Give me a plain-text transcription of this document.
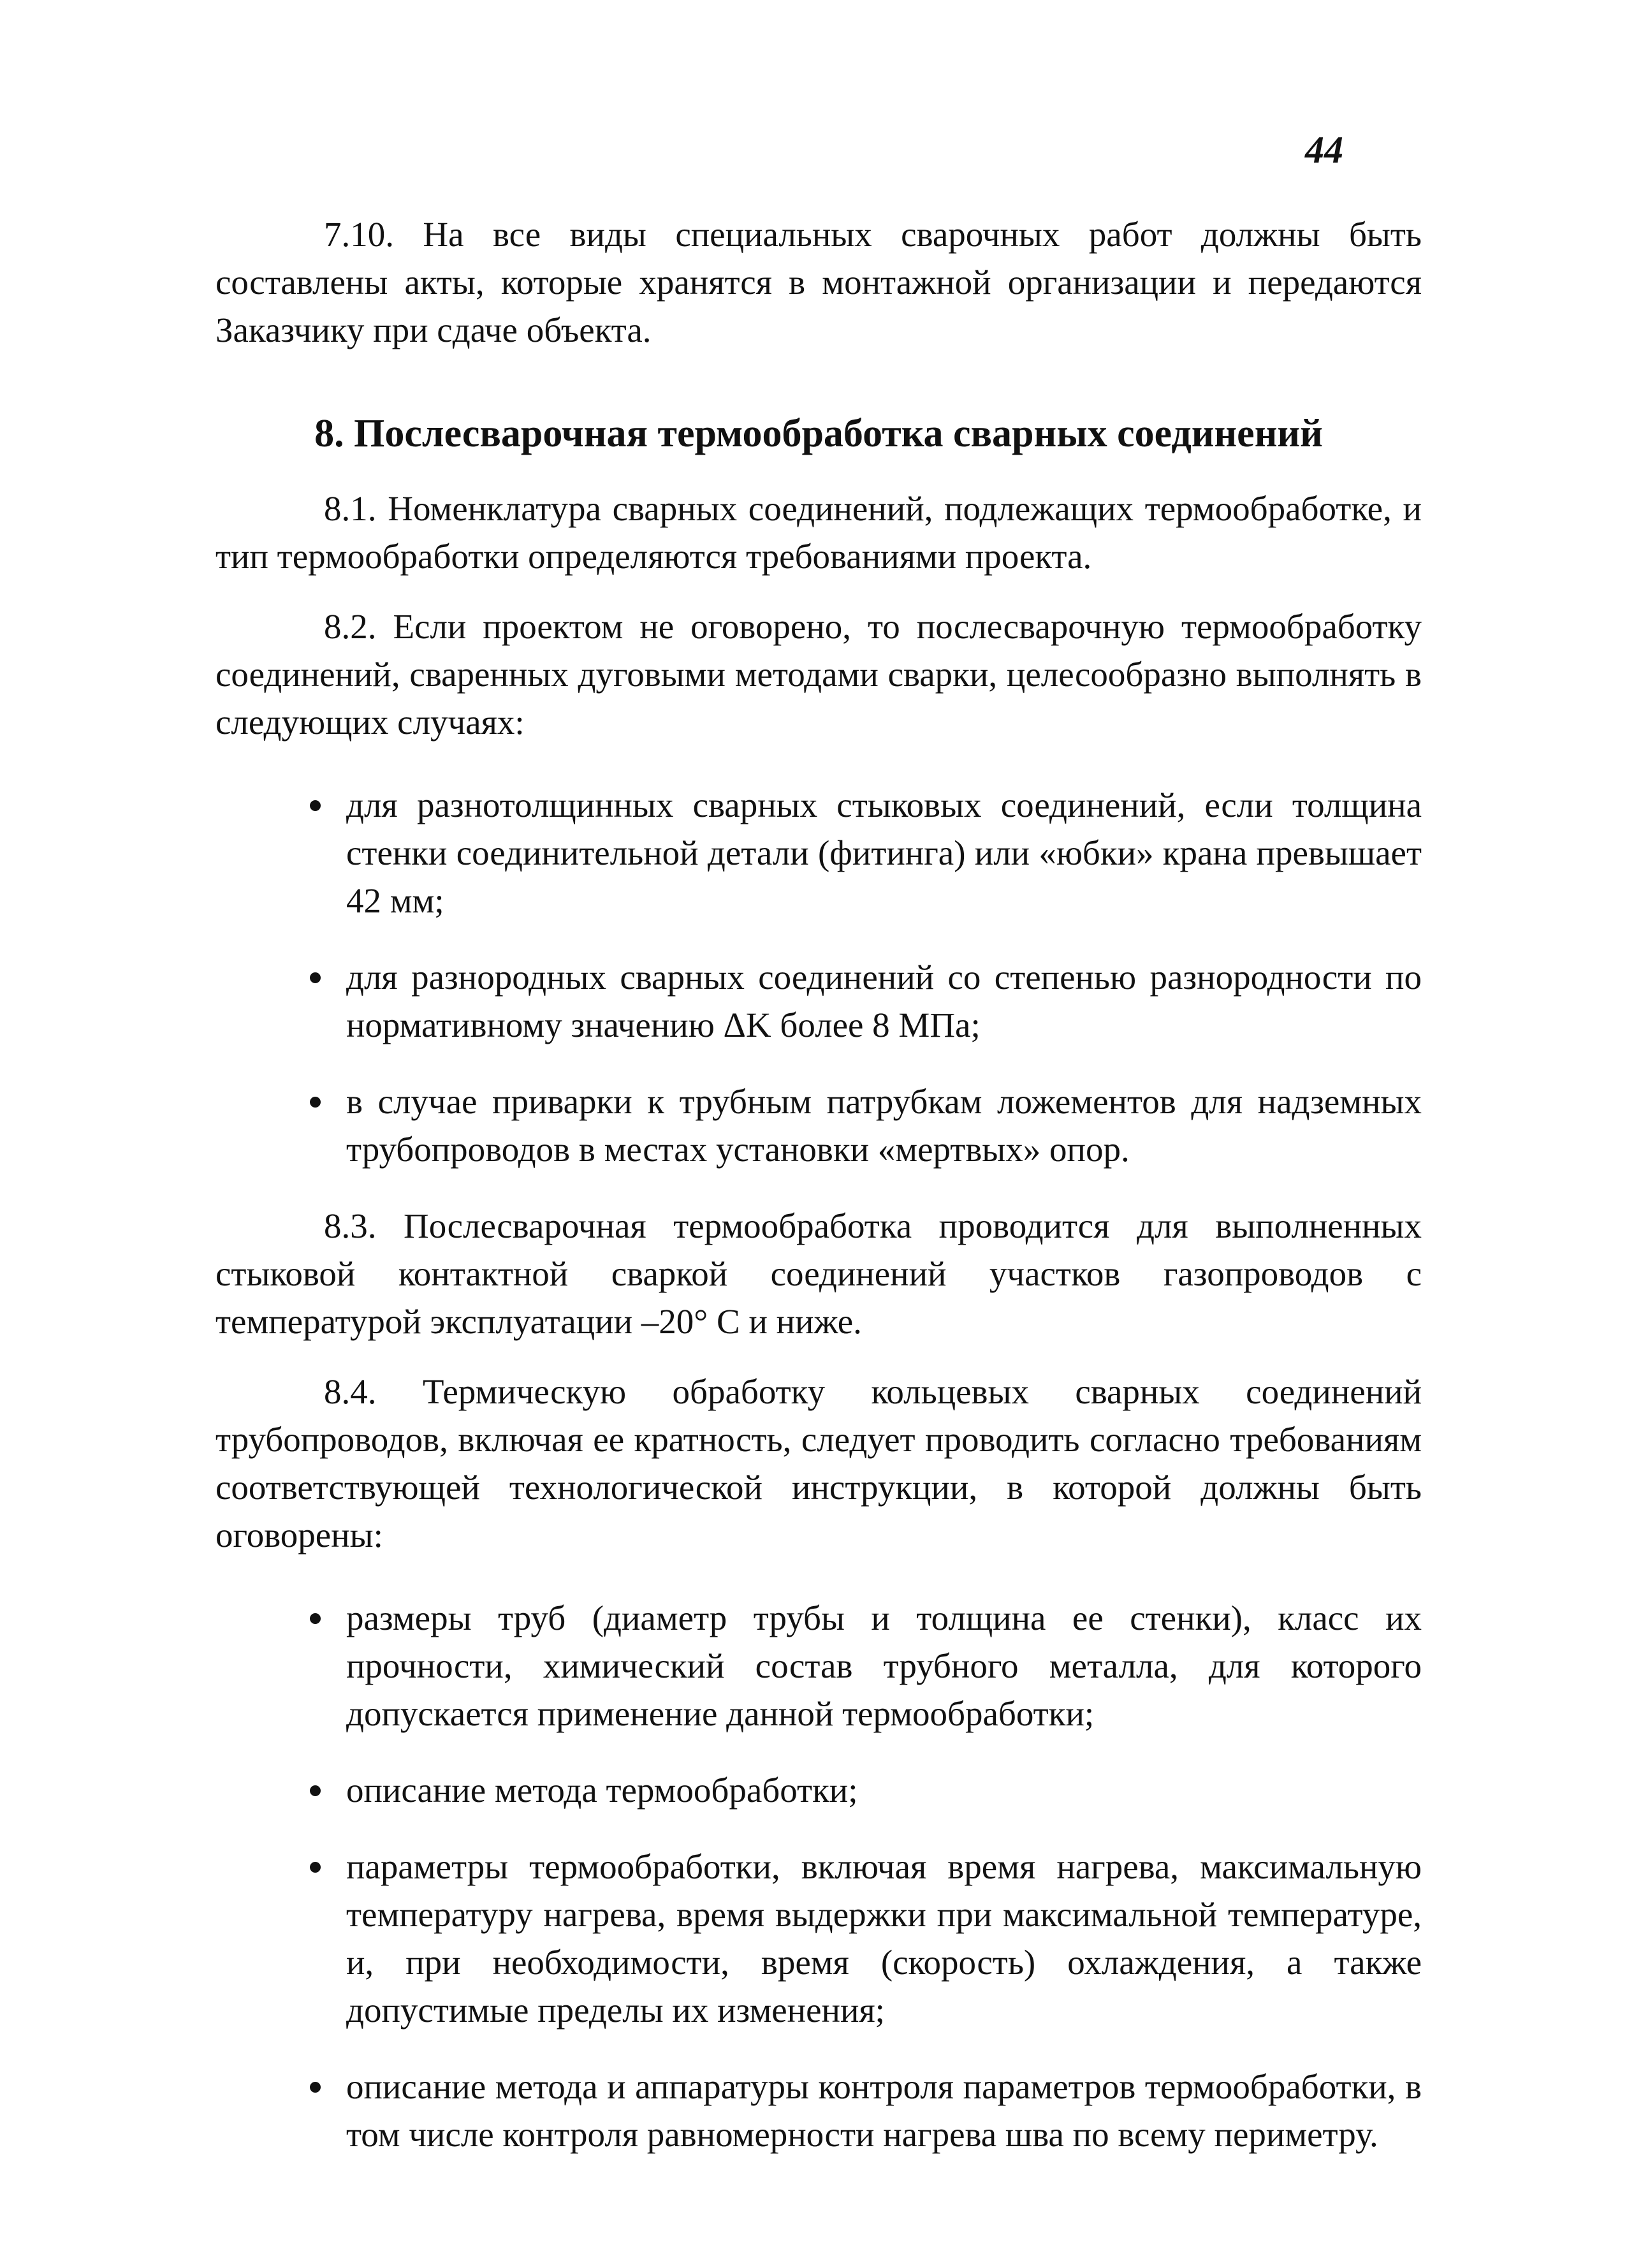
44

7.10. На все виды специальных сварочных работ должны быть составлены акты, которые хранятся в монтажной организации и передаются Заказчику при сдаче объекта.

8. Послесварочная термообработка сварных соединений

8.1. Номенклатура сварных соединений, подлежащих термообработке, и тип термообработки определяются требованиями проекта.

8.2. Если проектом не оговорено, то послесварочную термообработку соединений, сваренных дуговыми методами сварки, целесообразно выполнять в следующих случаях:

для разнотолщинных сварных стыковых соединений, если толщина стенки соединительной детали (фитинга) или «юбки» крана превышает 42 мм;
для разнородных сварных соединений со степенью разнородности по нормативному значению ΔK более 8 МПа;
в случае приварки к трубным патрубкам ложементов для надземных трубопроводов в местах установки «мертвых» опор.

8.3. Послесварочная термообработка проводится для выполненных стыковой контактной сваркой соединений участков газопроводов с температурой эксплуатации –20° C и ниже.

8.4. Термическую обработку кольцевых сварных соединений трубопроводов, включая ее кратность, следует проводить согласно требованиям соответствующей технологической инструкции, в которой должны быть оговорены:

размеры труб (диаметр трубы и толщина ее стенки), класс их прочности, химический состав трубного металла, для которого допускается применение данной термообработки;
описание метода термообработки;
параметры термообработки, включая время нагрева, максимальную температуру нагрева, время выдержки при максимальной температуре, и, при необходимости, время (скорость) охлаждения, а также допустимые пределы их изменения;
описание метода и аппаратуры контроля параметров термообработки, в том числе контроля равномерности нагрева шва по всему периметру.
